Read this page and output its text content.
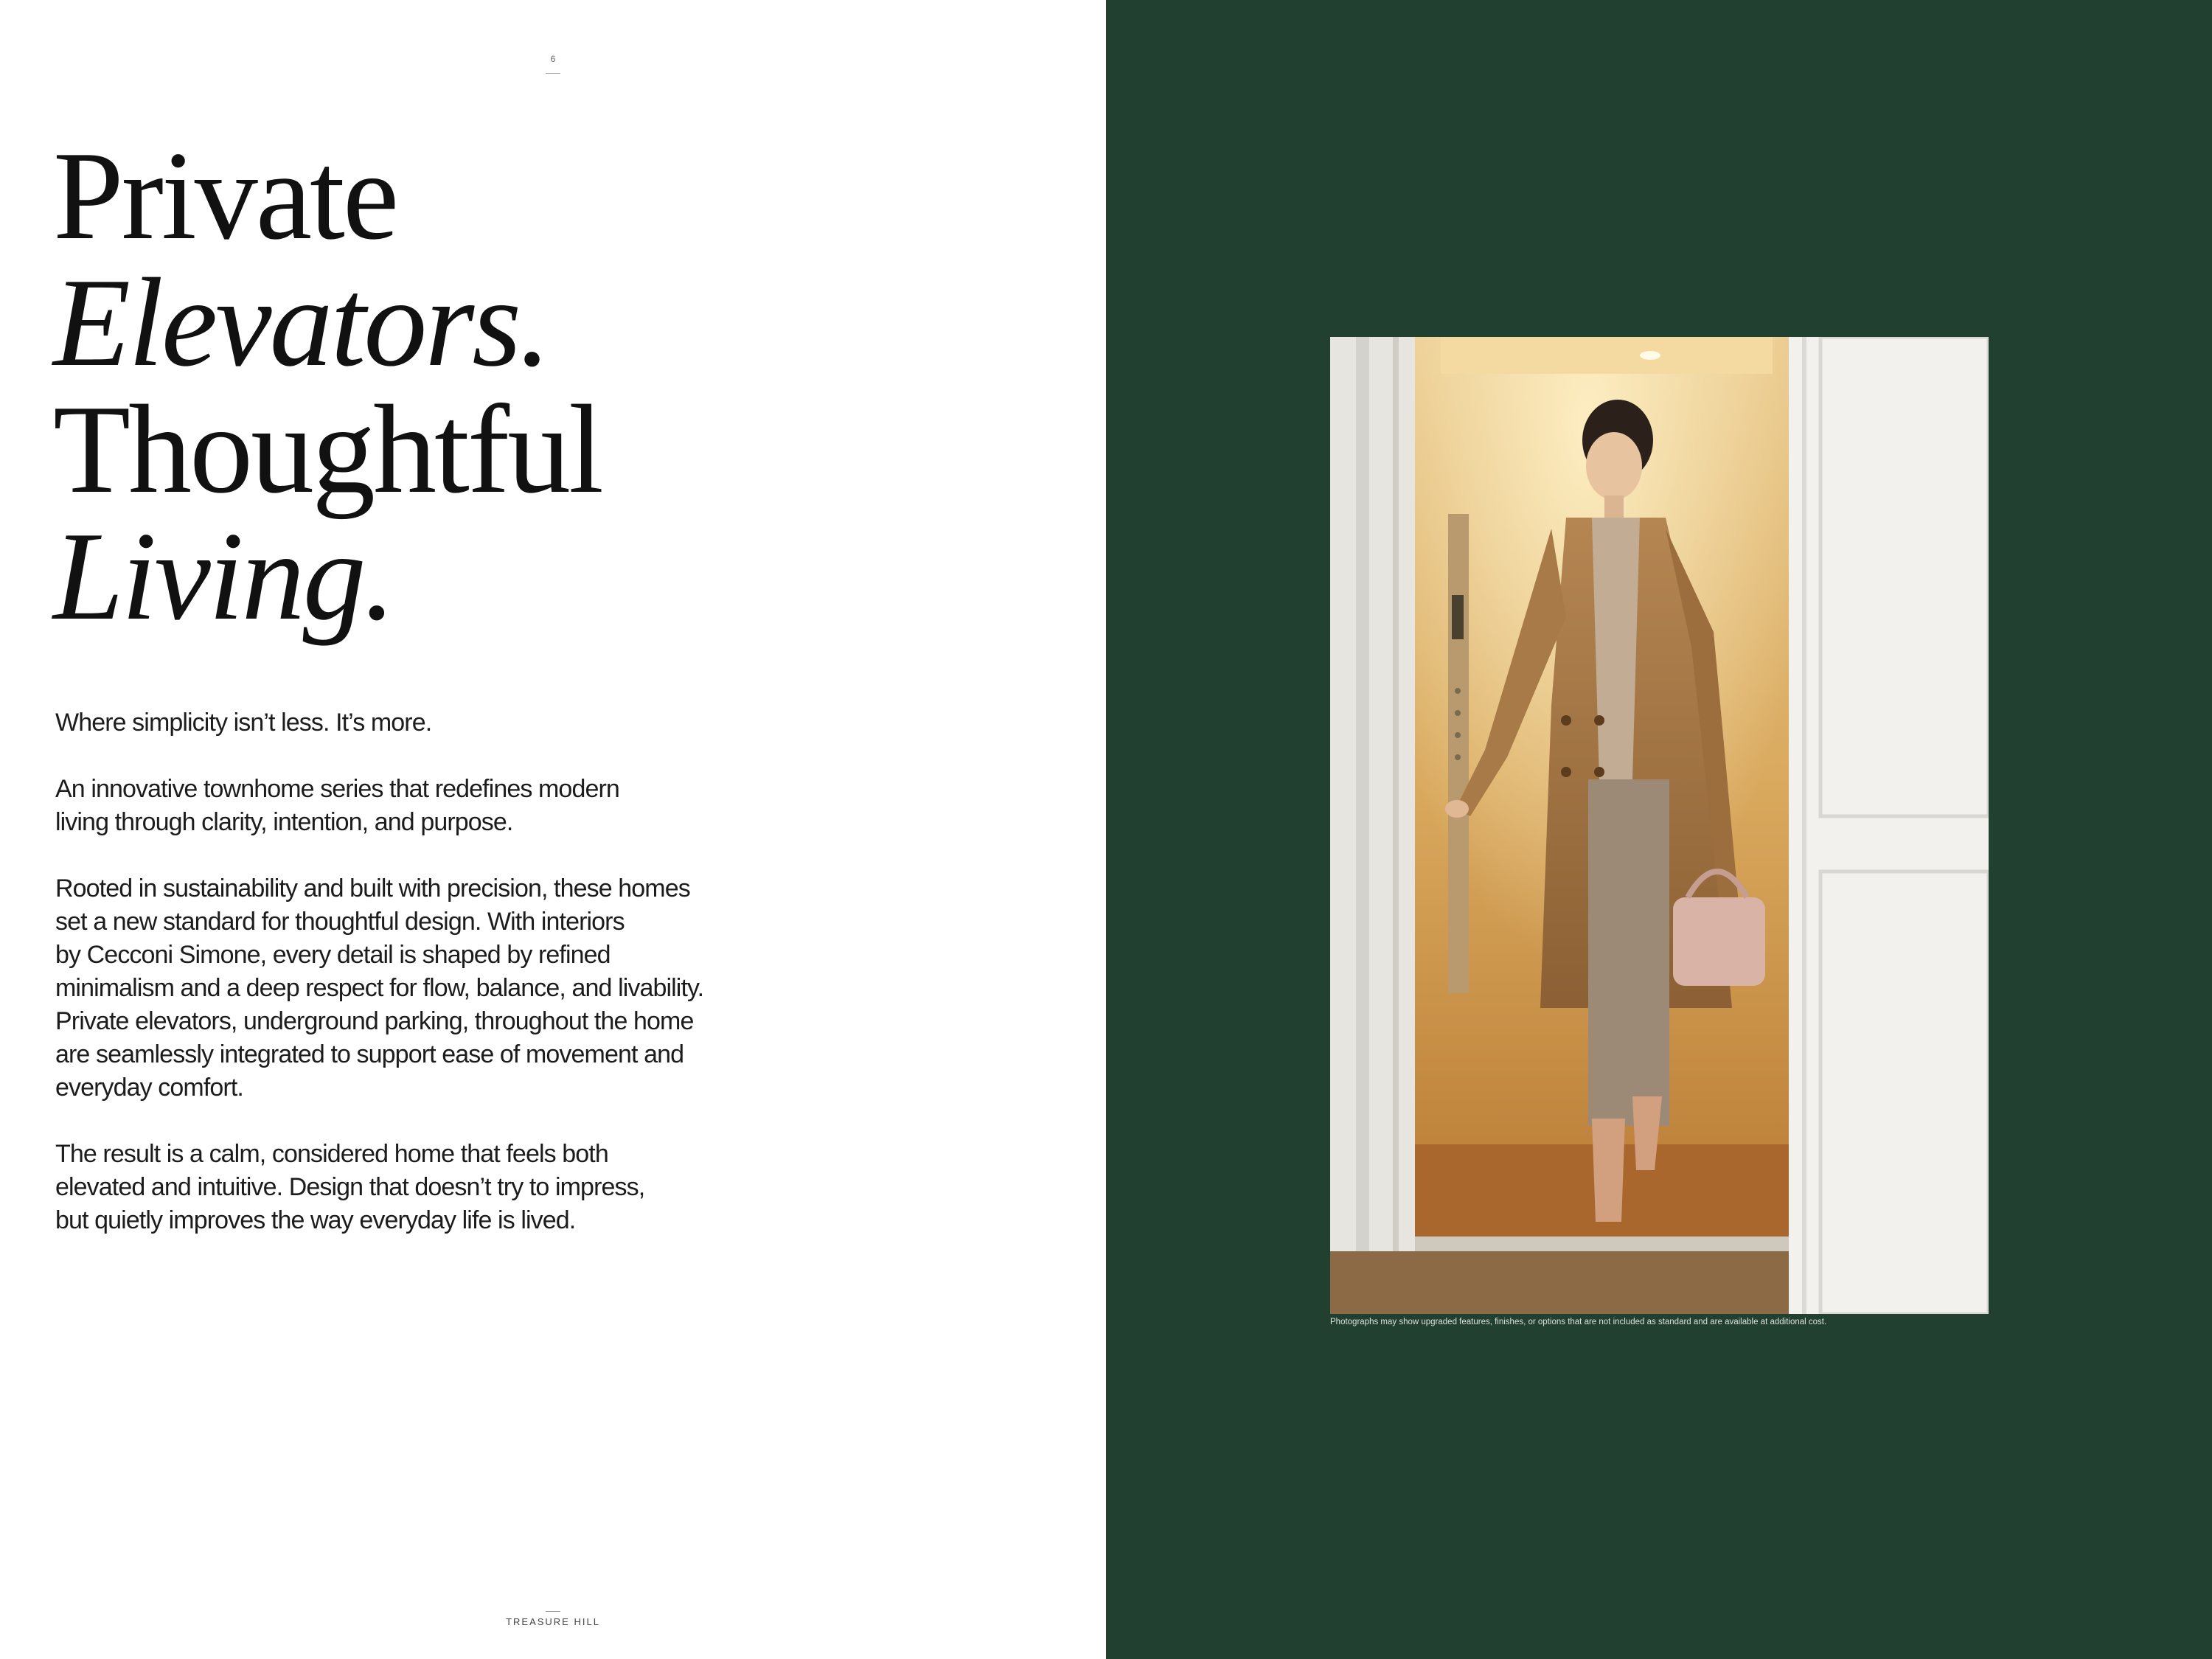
6
Private
Elevators.
Thoughtful
Living.

Where simplicity isn’t less. It’s more.

An innovative townhome series that redefines modern
living through clarity, intention, and purpose.

Rooted in sustainability and built with precision, these homes
set a new standard for thoughtful design. With interiors
by Cecconi Simone, every detail is shaped by refined
minimalism and a deep respect for flow, balance, and livability.
Private elevators, underground parking, throughout the home
are seamlessly integrated to support ease of movement and
everyday comfort.

The result is a calm, considered home that feels both
elevated and intuitive. Design that doesn’t try to impress,
but quietly improves the way everyday life is lived.

TREASURE HILL
Photographs may show upgraded features, finishes, or options that are not included as standard and are available at additional cost.
